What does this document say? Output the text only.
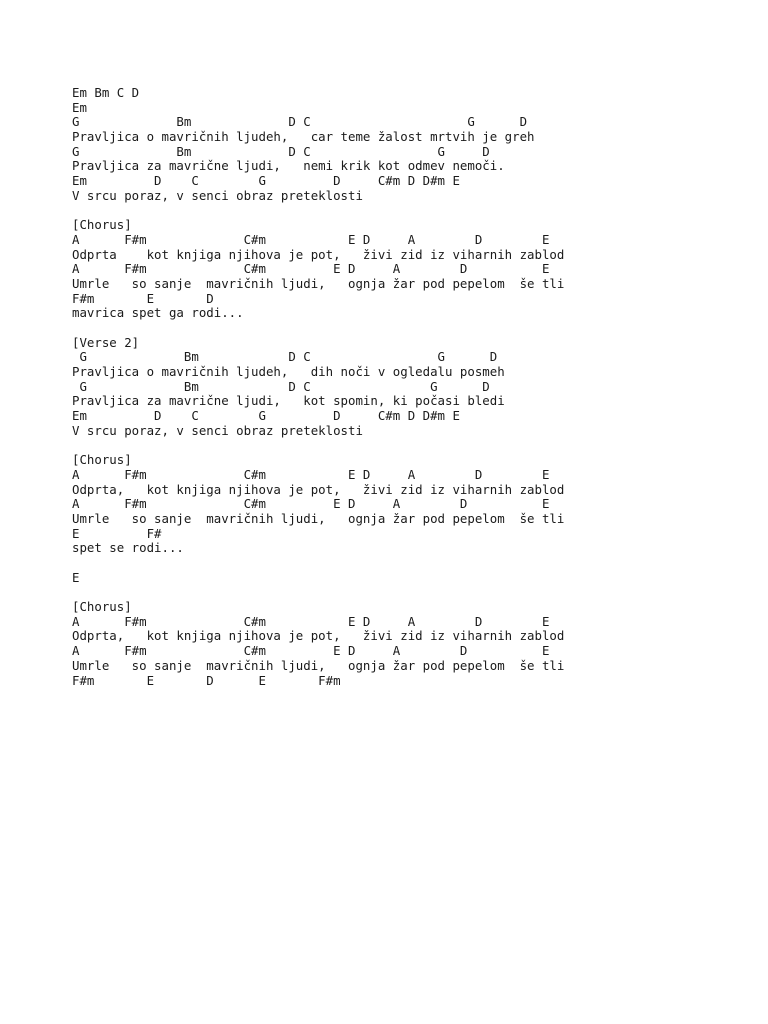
Em Bm C D
Em
G             Bm             D C                     G      D
Pravljica o mavričnih ljudeh,   car teme žalost mrtvih je greh
G             Bm             D C                 G     D
Pravljica za mavrične ljudi,   nemi krik kot odmev nemoči.
Em         D    C        G         D     C#m D D#m E
V srcu poraz, v senci obraz preteklosti
[Chorus]
A      F#m             C#m           E D     A        D        E
Odprta    kot knjiga njihova je pot,   živi zid iz viharnih zablod
A      F#m             C#m         E D     A        D          E
Umrle   so sanje  mavričnih ljudi,   ognja žar pod pepelom  še tli
F#m       E       D
mavrica spet ga rodi...
[Verse 2]
G             Bm            D C                 G      D
Pravljica o mavričnih ljudeh,   dih noči v ogledalu posmeh
G             Bm            D C                G      D
Pravljica za mavrične ljudi,   kot spomin, ki počasi bledi
Em         D    C        G         D     C#m D D#m E
V srcu poraz, v senci obraz preteklosti
[Chorus]
A      F#m             C#m           E D     A        D        E
Odprta,   kot knjiga njihova je pot,   živi zid iz viharnih zablod
A      F#m             C#m         E D     A        D          E
Umrle   so sanje  mavričnih ljudi,   ognja žar pod pepelom  še tli
E         F#
spet se rodi...
E
[Chorus]
A      F#m             C#m           E D     A        D        E
Odprta,   kot knjiga njihova je pot,   živi zid iz viharnih zablod
A      F#m             C#m         E D     A        D          E
Umrle   so sanje  mavričnih ljudi,   ognja žar pod pepelom  še tli
F#m       E       D      E       F#m
